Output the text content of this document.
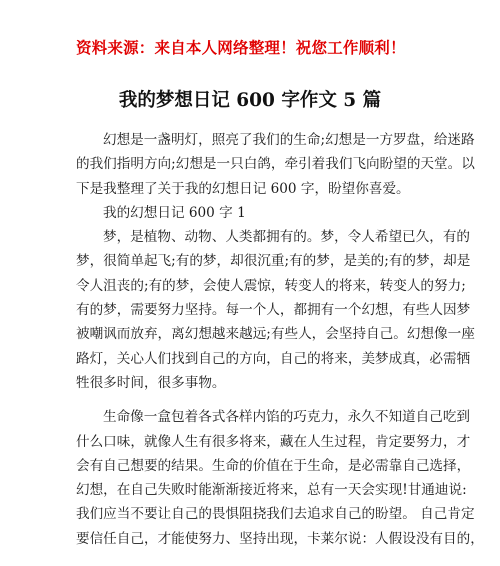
资料来源：来自本人网络整理！祝您工作顺利！
我的梦想日记 600 字作文 5 篇
幻想是一盏明灯，照亮了我们的生命;幻想是一方罗盘，给迷路
的我们指明方向;幻想是一只白鸽，牵引着我们飞向盼望的天堂。以
下是我整理了关于我的幻想日记 600 字，盼望你喜爱。
我的幻想日记 600 字 1
梦，是植物、动物、人类都拥有的。梦，令人希望已久，有的
梦，很简单起飞;有的梦，却很沉重;有的梦，是美的;有的梦，却是
令人沮丧的;有的梦，会使人震惊，转变人的将来，转变人的努力;
有的梦，需要努力坚持。每一个人，都拥有一个幻想，有些人因梦
被嘲讽而放弃，离幻想越来越远;有些人，会坚持自己。幻想像一座
路灯，关心人们找到自己的方向，自己的将来，美梦成真，必需牺
牲很多时间，很多事物。
生命像一盒包着各式各样内馅的巧克力，永久不知道自己吃到
什么口味，就像人生有很多将来，藏在人生过程，肯定要努力，才
会有自己想要的结果。生命的价值在于生命，是必需靠自己选择，
幻想，在自己失败时能渐渐接近将来，总有一天会实现!甘通迪说:
我们应当不要让自己的畏惧阻挠我们去追求自己的盼望。 自己肯定
要信任自己，才能使努力、坚持出现，卡莱尔说：人假设没有目的，
